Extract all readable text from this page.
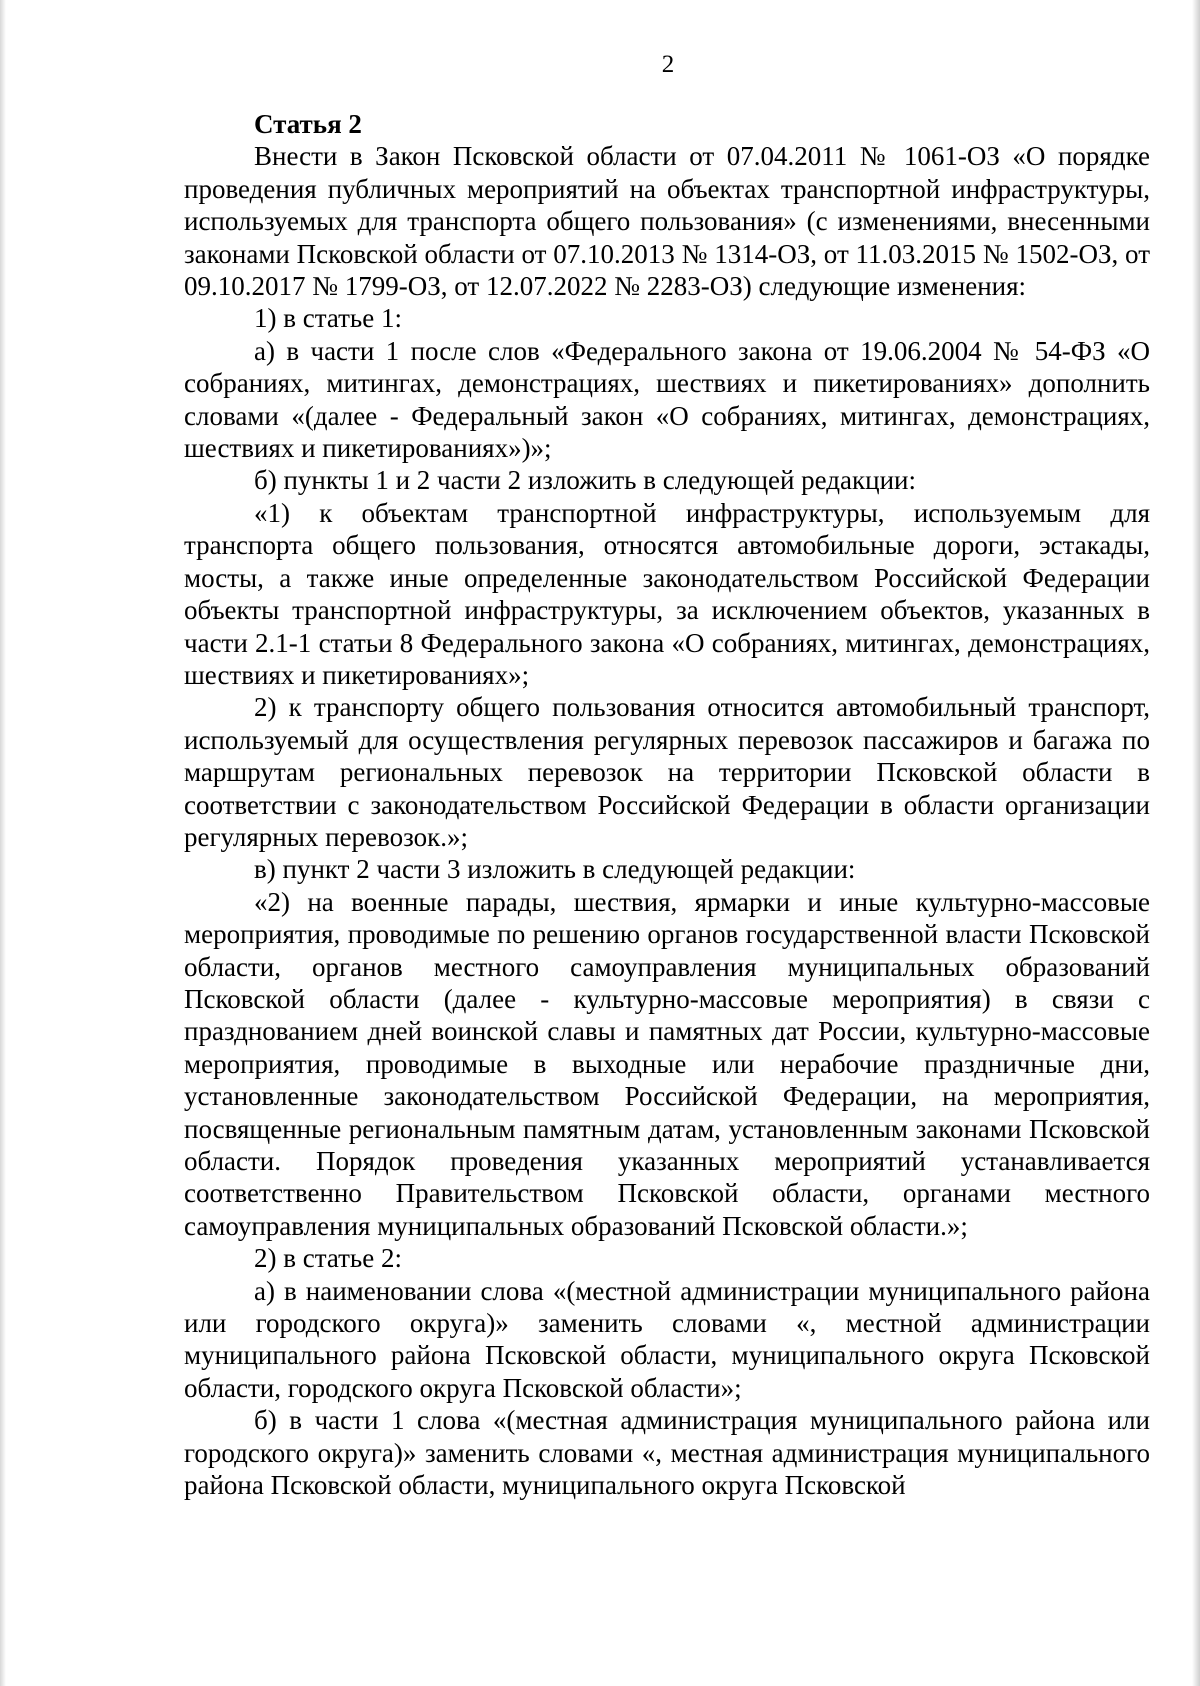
2

Статья 2

Внести в Закон Псковской области от 07.04.2011 № 1061-ОЗ «О порядке проведения публичных мероприятий на объектах транспортной инфраструктуры, используемых для транспорта общего пользования» (с изменениями, внесенными законами Псковской области от 07.10.2013 № 1314-ОЗ, от 11.03.2015 № 1502-ОЗ, от 09.10.2017 № 1799-ОЗ, от 12.07.2022 № 2283-ОЗ) следующие изменения:

1) в статье 1:

а) в части 1 после слов «Федерального закона от 19.06.2004 № 54-ФЗ «О собраниях, митингах, демонстрациях, шествиях и пикетированиях» дополнить словами «(далее - Федеральный закон «О собраниях, митингах, демонстрациях, шествиях и пикетированиях»)»;

б) пункты 1 и 2 части 2 изложить в следующей редакции:

«1) к объектам транспортной инфраструктуры, используемым для транспорта общего пользования, относятся автомобильные дороги, эстакады, мосты, а также иные определенные законодательством Российской Федерации объекты транспортной инфраструктуры, за исключением объектов, указанных в части 2.1-1 статьи 8 Федерального закона «О собраниях, митингах, демонстрациях, шествиях и пикетированиях»;

2) к транспорту общего пользования относится автомобильный транспорт, используемый для осуществления регулярных перевозок пассажиров и багажа по маршрутам региональных перевозок на территории Псковской области в соответствии с законодательством Российской Федерации в области организации регулярных перевозок.»;

в) пункт 2 части 3 изложить в следующей редакции:

«2) на военные парады, шествия, ярмарки и иные культурно-массовые мероприятия, проводимые по решению органов государственной власти Псковской области, органов местного самоуправления муниципальных образований Псковской области (далее - культурно-массовые мероприятия) в связи с празднованием дней воинской славы и памятных дат России, культурно-массовые мероприятия, проводимые в выходные или нерабочие праздничные дни, установленные законодательством Российской Федерации, на мероприятия, посвященные региональным памятным датам, установленным законами Псковской области. Порядок проведения указанных мероприятий устанавливается соответственно Правительством Псковской области, органами местного самоуправления муниципальных образований Псковской области.»;

2) в статье 2:

а) в наименовании слова «(местной администрации муниципального района или городского округа)» заменить словами «, местной администрации муниципального района Псковской области, муниципального округа Псковской области, городского округа Псковской области»;

б) в части 1 слова «(местная администрация муниципального района или городского округа)» заменить словами «, местная администрация муниципального района Псковской области, муниципального округа Псковской
